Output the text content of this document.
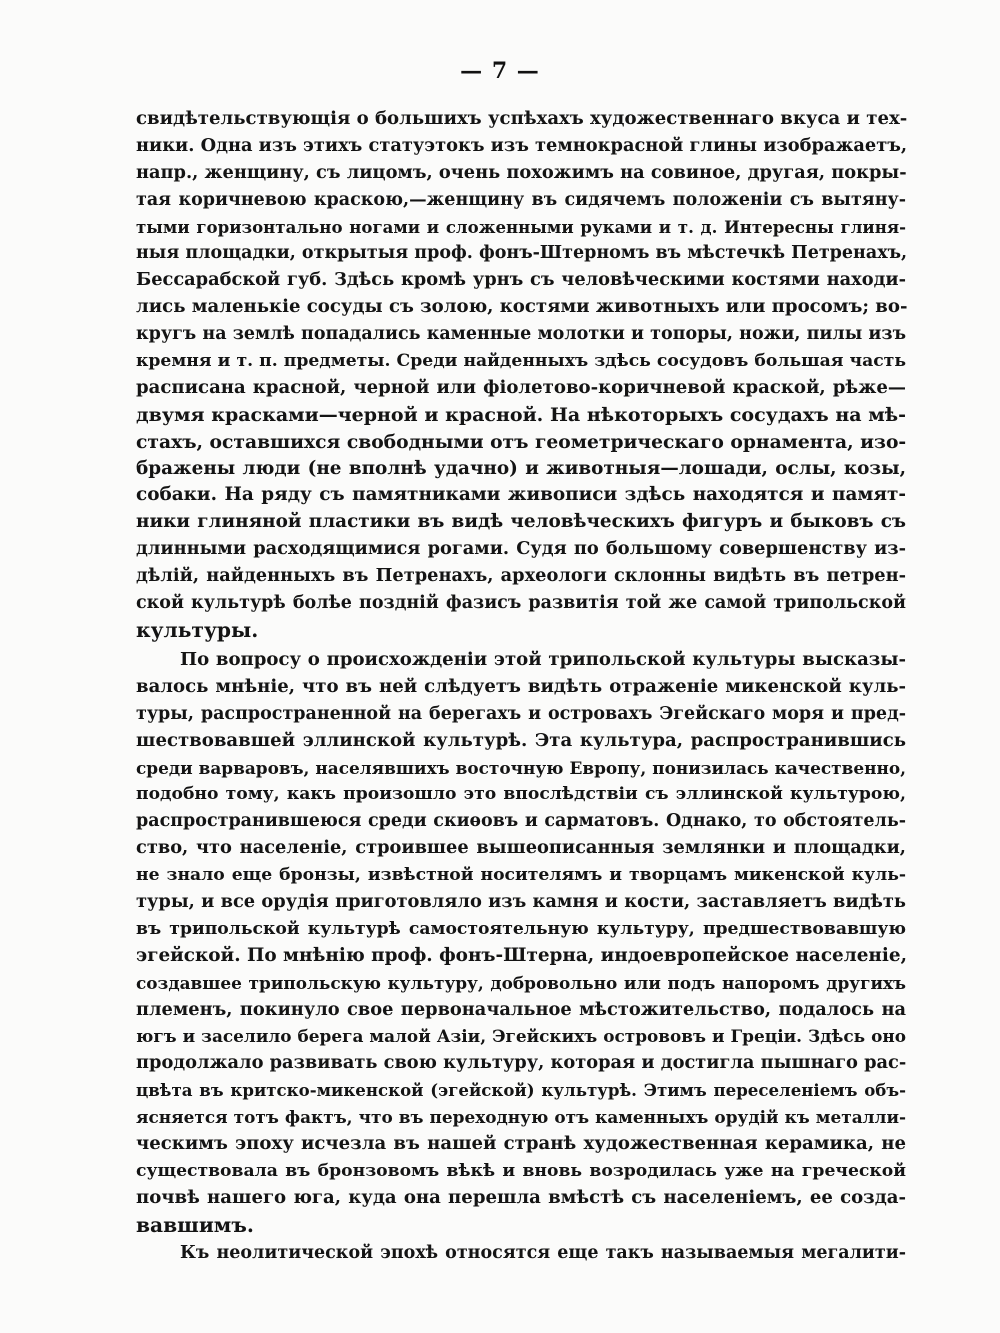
— 7 —
свидѣтельствующія о большихъ успѣхахъ художественнаго вкуса и тех-
ники. Одна изъ этихъ статуэтокъ изъ темнокрасной глины изображаетъ,
напр., женщину, съ лицомъ, очень похожимъ на совиное, другая, покры-
тая коричневою краскою,—женщину въ сидячемъ положеніи съ вытяну-
тыми горизонтально ногами и сложенными руками и т. д. Интересны глиня-
ныя площадки, открытыя проф. фонъ-Штерномъ въ мѣстечкѣ Петренахъ,
Бессарабской губ. Здѣсь кромѣ урнъ съ человѣческими костями находи-
лись маленькіе сосуды съ золою, костями животныхъ или просомъ; во-
кругъ на землѣ попадались каменные молотки и топоры, ножи, пилы изъ
кремня и т. п. предметы. Среди найденныхъ здѣсь сосудовъ большая часть
расписана красной, черной или фіолетово-коричневой краской, рѣже—
двумя красками—черной и красной. На нѣкоторыхъ сосудахъ на мѣ-
стахъ, оставшихся свободными отъ геометрическаго орнамента, изо-
бражены люди (не вполнѣ удачно) и животныя—лошади, ослы, козы,
собаки. На ряду съ памятниками живописи здѣсь находятся и памят-
ники глиняной пластики въ видѣ человѣческихъ фигуръ и быковъ съ
длинными расходящимися рогами. Судя по большому совершенству из-
дѣлій, найденныхъ въ Петренахъ, археологи склонны видѣть въ петрен-
ской культурѣ болѣе поздній фазисъ развитія той же самой трипольской
культуры.
По вопросу о происхожденіи этой трипольской культуры высказы-
валось мнѣніе, что въ ней слѣдуетъ видѣть отраженіе микенской куль-
туры, распространенной на берегахъ и островахъ Эгейскаго моря и пред-
шествовавшей эллинской культурѣ. Эта культура, распространившись
среди варваровъ, населявшихъ восточную Европу, понизилась качественно,
подобно тому, какъ произошло это впослѣдствіи съ эллинской культурою,
распространившеюся среди скиѳовъ и сарматовъ. Однако, то обстоятель-
ство, что населеніе, строившее вышеописанныя землянки и площадки,
не знало еще бронзы, извѣстной носителямъ и творцамъ микенской куль-
туры, и все орудія приготовляло изъ камня и кости, заставляетъ видѣть
въ трипольской культурѣ самостоятельную культуру, предшествовавшую
эгейской. По мнѣнію проф. фонъ-Штерна, индоевропейское населеніе,
создавшее трипольскую культуру, добровольно или подъ напоромъ другихъ
племенъ, покинуло свое первоначальное мѣстожительство, подалось на
югъ и заселило берега малой Азіи, Эгейскихъ острововъ и Греціи. Здѣсь оно
продолжало развивать свою культуру, которая и достигла пышнаго рас-
цвѣта въ критско-микенской (эгейской) культурѣ. Этимъ переселеніемъ объ-
ясняется тотъ фактъ, что въ переходную отъ каменныхъ орудій къ металли-
ческимъ эпоху исчезла въ нашей странѣ художественная керамика, не
существовала въ бронзовомъ вѣкѣ и вновь возродилась уже на греческой
почвѣ нашего юга, куда она перешла вмѣстѣ съ населеніемъ, ее созда-
вавшимъ.
Къ неолитической эпохѣ относятся еще такъ называемыя мегалити-
